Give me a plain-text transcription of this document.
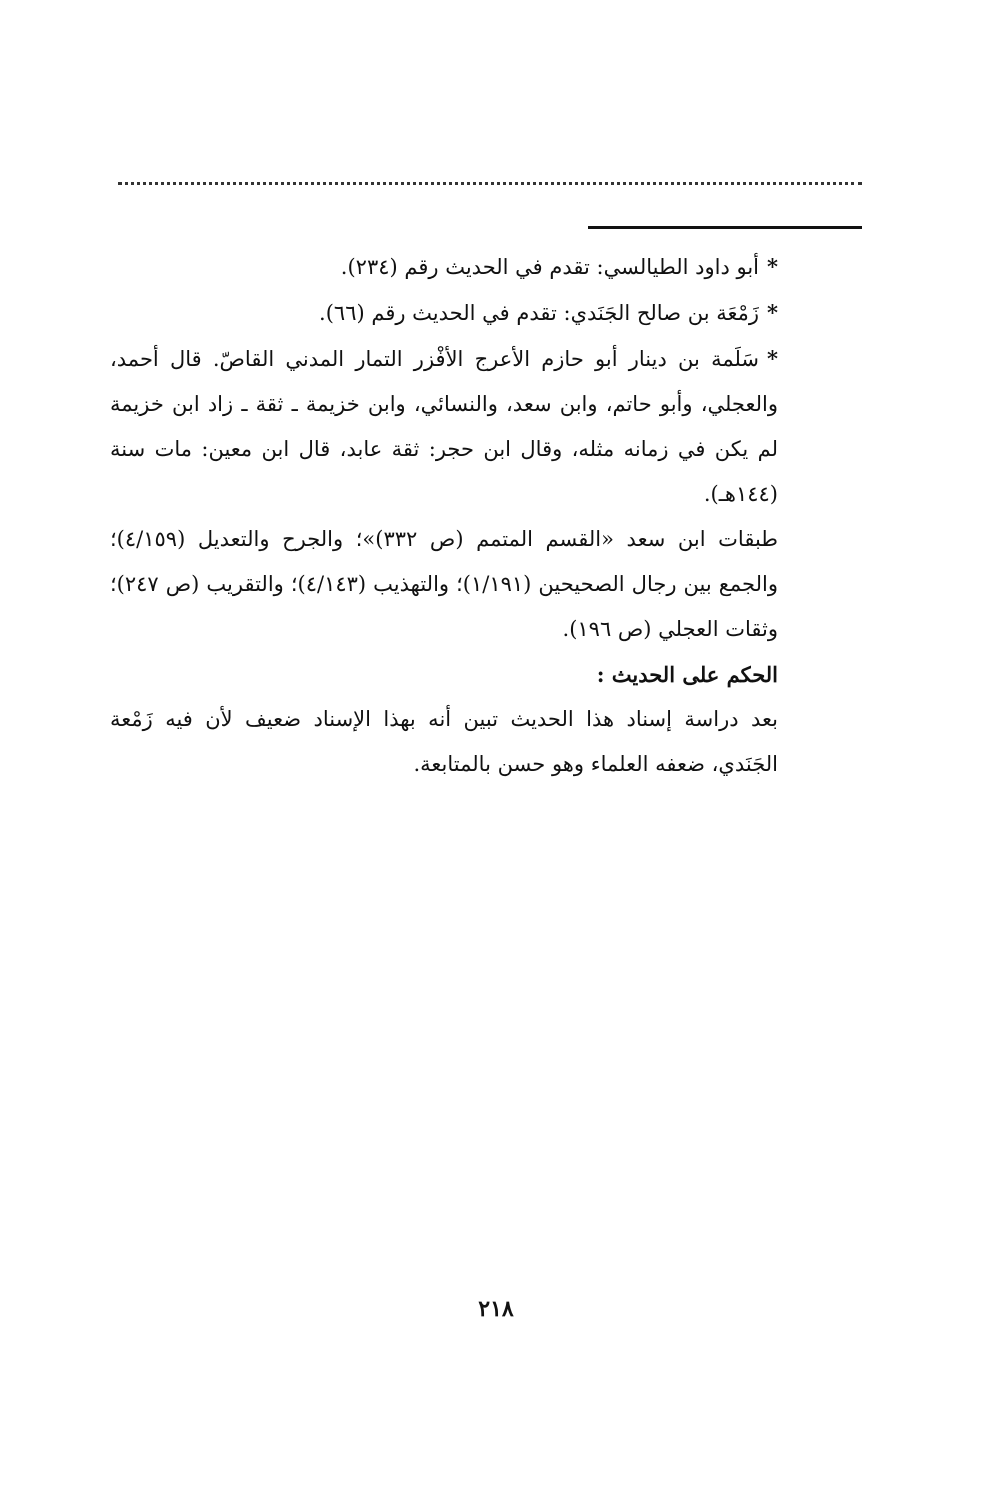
*أبو داود الطيالسي: تقدم في الحديث رقم (٢٣٤).

*زَمْعَة بن صالح الجَنَدي: تقدم في الحديث رقم (٦٦).

*سَلَمة بن دينار أبو حازم الأعرج الأفْزر التمار المدني القاصّ. قال أحمد، والعجلي، وأبو حاتم، وابن سعد، والنسائي، وابن خزيمة ـ ثقة ـ زاد ابن خزيمة لم يكن في زمانه مثله، وقال ابن حجر: ثقة عابد، قال ابن معين: مات سنة (١٤٤هـ).

طبقات ابن سعد «القسم المتمم (ص ٣٣٢)»؛ والجرح والتعديل (٤/١٥٩)؛ والجمع بين رجال الصحيحين (١/١٩١)؛ والتهذيب (٤/١٤٣)؛ والتقريب (ص ٢٤٧)؛ وثقات العجلي (ص ١٩٦).

الحكم على الحديث :

بعد دراسة إسناد هذا الحديث تبين أنه بهذا الإسناد ضعيف لأن فيه زَمْعة الجَنَدي، ضعفه العلماء وهو حسن بالمتابعة.

٢١٨
